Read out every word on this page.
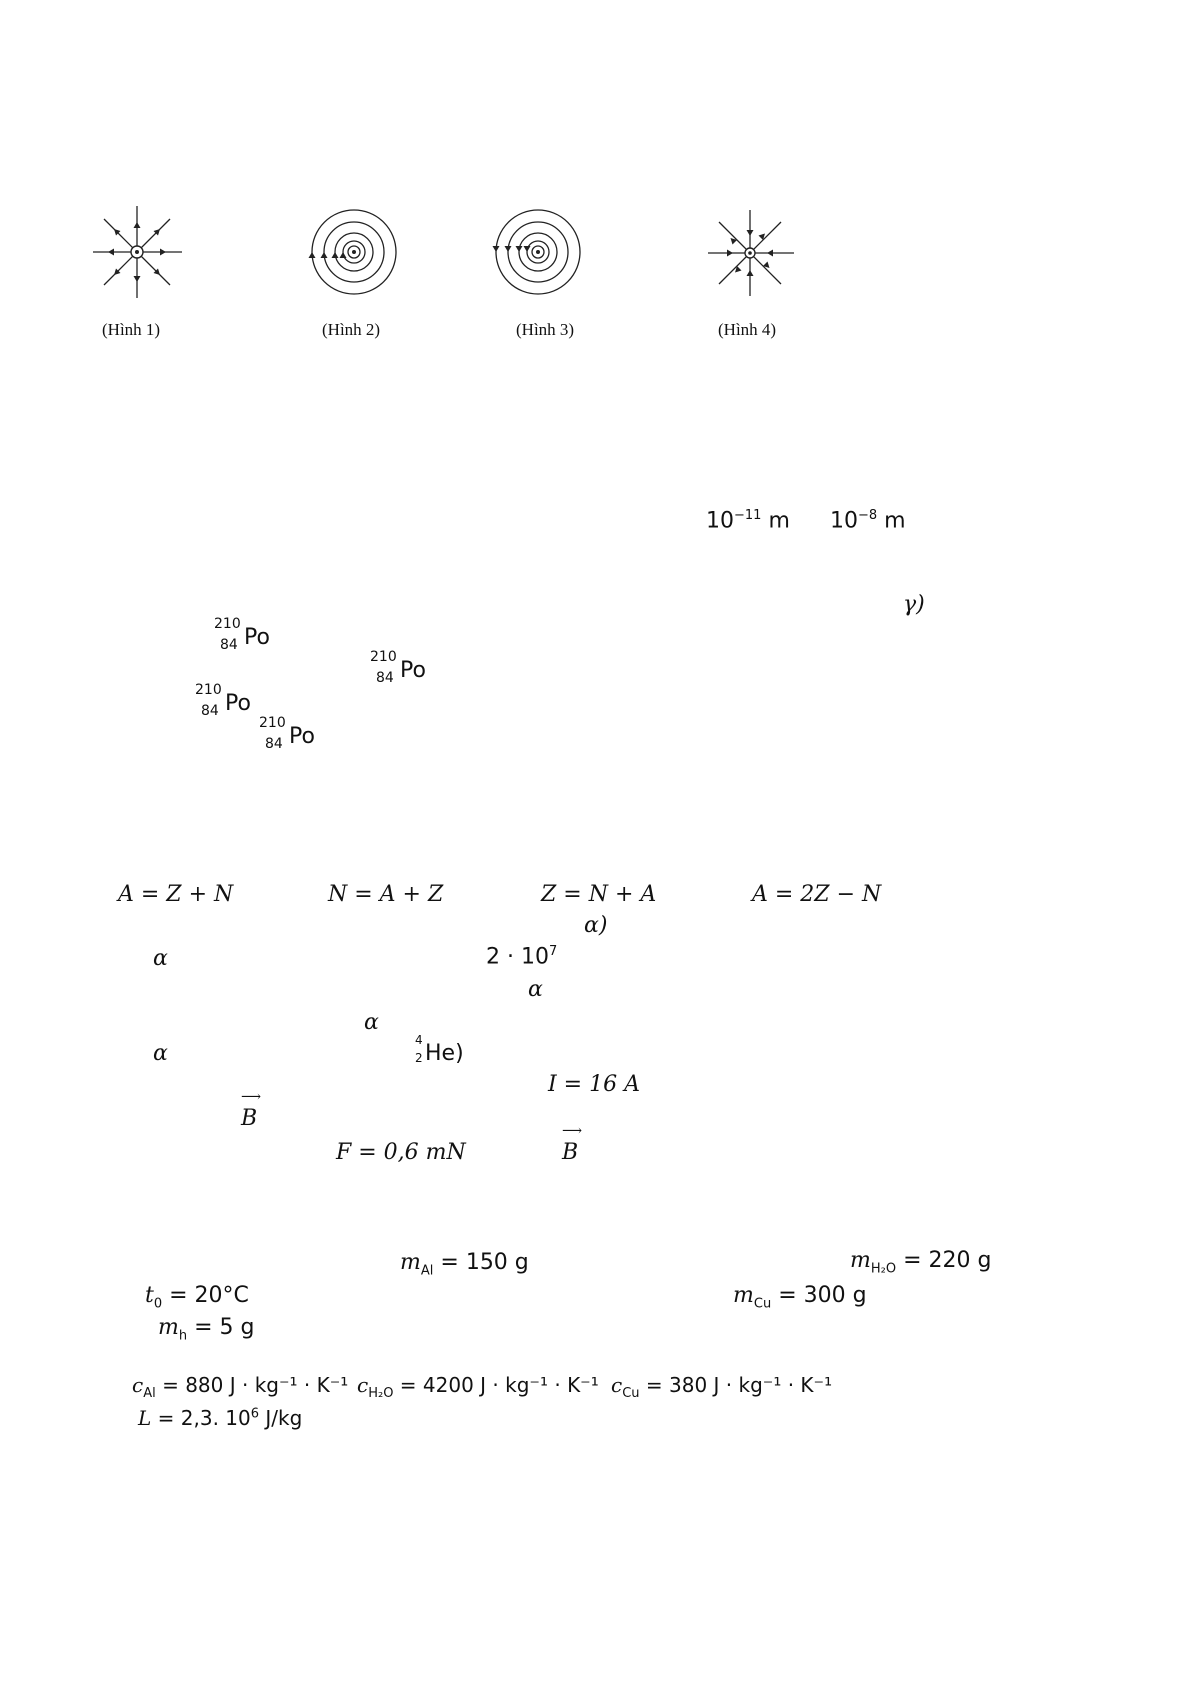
(Hình 1)	(Hình 2)	(Hình 3)	(Hình 4)
$10^{-11}$ m $10^{-8}$ m
γ)
210
84 Po
210
84 Po
210
84 Po
210
84 Po
A = Z + N	N = A + Z	Z = N + A	A = 2Z − N
α)
α	$2 \cdot 10^7$
α
α
α
4
2 He)
I = 16 A
⟶ B
F = 0,6 mN
⟶	B
$m_{Al} = 150$ g	$m_{H_2O} = 220$ g
$t_0 = 20^\circ C$	$m_{Cu} = 300$ g
$m_h = 5$ g
$c_{Al} = 880$ J · kg⁻¹ · K⁻¹ $c_{H_2O} = 4200$ J · kg⁻¹ · K⁻¹ $c_{Cu} = 380$ J · kg⁻¹ · K⁻¹
L = 2,3. $10^6$ J/kg
